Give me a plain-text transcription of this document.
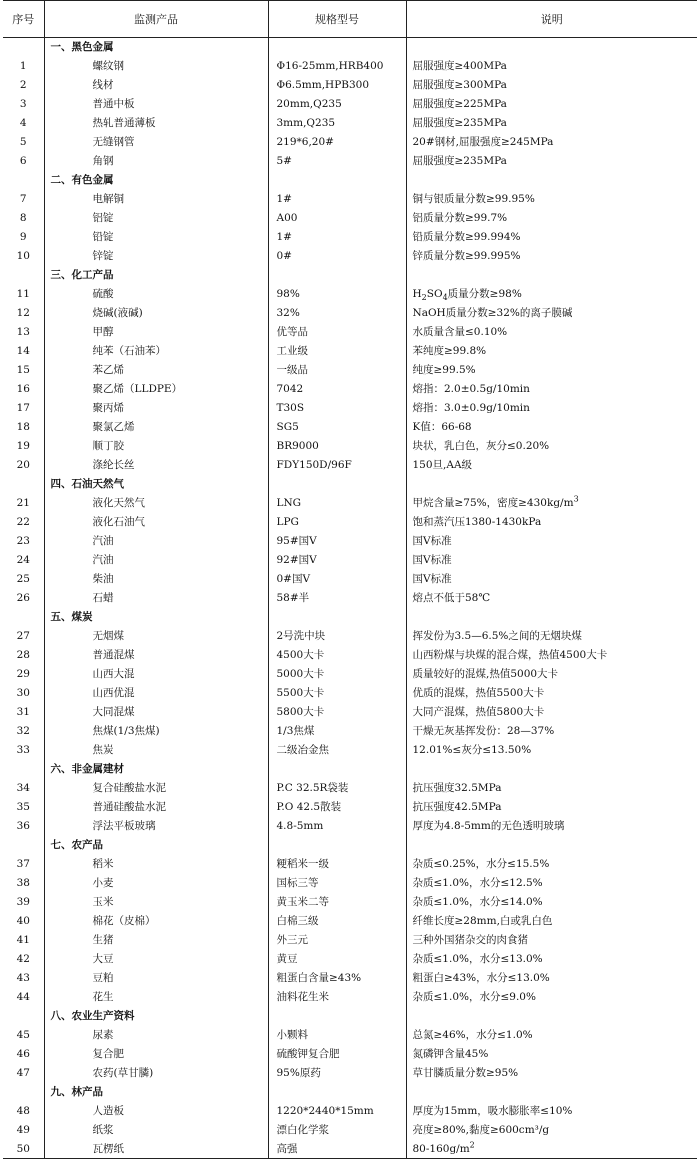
序号	监测产品	规格型号	说明
	一、黑色金属		
1	螺纹钢	Φ16-25mm,HRB400	屈服强度≥400MPa
2	线材	Φ6.5mm,HPB300	屈服强度≥300MPa
3	普通中板	20mm,Q235	屈服强度≥225MPa
4	热轧普通薄板	3mm,Q235	屈服强度≥235MPa
5	无缝钢管	219*6,20#	20#钢材,屈服强度≥245MPa
6	角钢	5#	屈服强度≥235MPa
	二、有色金属		
7	电解铜	1#	铜与银质量分数≥99.95%
8	铝锭	A00	铝质量分数≥99.7%
9	铅锭	1#	铅质量分数≥99.994%
10	锌锭	0#	锌质量分数≥99.995%
	三、化工产品		
11	硫酸	98%	$H_2SO_4$质量分数≥98%
12	烧碱(液碱)	32%	NaOH质量分数≥32%的离子膜碱
13	甲醇	优等品	水质量含量≤0.10%
14	纯苯（石油苯）	工业级	苯纯度≥99.8%
15	苯乙烯	一级品	纯度≥99.5%
16	聚乙烯（LLDPE）	7042	熔指：2.0±0.5g/10min
17	聚丙烯	T30S	熔指：3.0±0.9g/10min
18	聚氯乙烯	SG5	K值：66-68
19	顺丁胶	BR9000	块状，乳白色，灰分≤0.20%
20	涤纶长丝	FDY150D/96F	150旦,AA级
	四、石油天然气		
21	液化天然气	LNG	甲烷含量≥75%，密度$\ge 430kg/m^3$
22	液化石油气	LPG	饱和蒸汽压1380-1430kPa
23	汽油	95#国Ⅴ	国Ⅴ标准
24	汽油	92#国Ⅴ	国Ⅴ标准
25	柴油	0#国Ⅴ	国Ⅴ标准
26	石蜡	58#半	熔点不低于58℃
	五、煤炭		
27	无烟煤	2号洗中块	挥发份为3.5—6.5%之间的无烟块煤
28	普通混煤	4500大卡	山西粉煤与块煤的混合煤，热值4500大卡
29	山西大混	5000大卡	质量较好的混煤,热值5000大卡
30	山西优混	5500大卡	优质的混煤，热值5500大卡
31	大同混煤	5800大卡	大同产混煤，热值5800大卡
32	焦煤(1/3焦煤)	1/3焦煤	干燥无灰基挥发份：28—37%
33	焦炭	二级冶金焦	12.01%≤灰分≤13.50%
	六、非金属建材		
34	复合硅酸盐水泥	P.C 32.5R袋装	抗压强度32.5MPa
35	普通硅酸盐水泥	P.O 42.5散装	抗压强度42.5MPa
36	浮法平板玻璃	4.8-5mm	厚度为4.8-5mm的无色透明玻璃
	七、农产品		
37	稻米	粳稻米一级	杂质≤0.25%，水分≤15.5%
38	小麦	国标三等	杂质≤1.0%，水分≤12.5%
39	玉米	黄玉米二等	杂质≤1.0%，水分≤14.0%
40	棉花（皮棉）	白棉三级	纤维长度≥28mm,白或乳白色
41	生猪	外三元	三种外国猪杂交的肉食猪
42	大豆	黄豆	杂质≤1.0%，水分≤13.0%
43	豆粕	粗蛋白含量≥43%	粗蛋白≥43%，水分≤13.0%
44	花生	油料花生米	杂质≤1.0%，水分≤9.0%
	八、农业生产资料		
45	尿素	小颗料	总氮≥46%，水分≤1.0%
46	复合肥	硫酸钾复合肥	氮磷钾含量45%
47	农药(草甘膦)	95%原药	草甘膦质量分数≥95%
	九、林产品		
48	人造板	1220*2440*15mm	厚度为15mm，吸水膨胀率≤10%
49	纸浆	漂白化学浆	亮度≥80%,黏度≥600cm³/g
50	瓦楞纸	高强	$80-160g/m^2$
